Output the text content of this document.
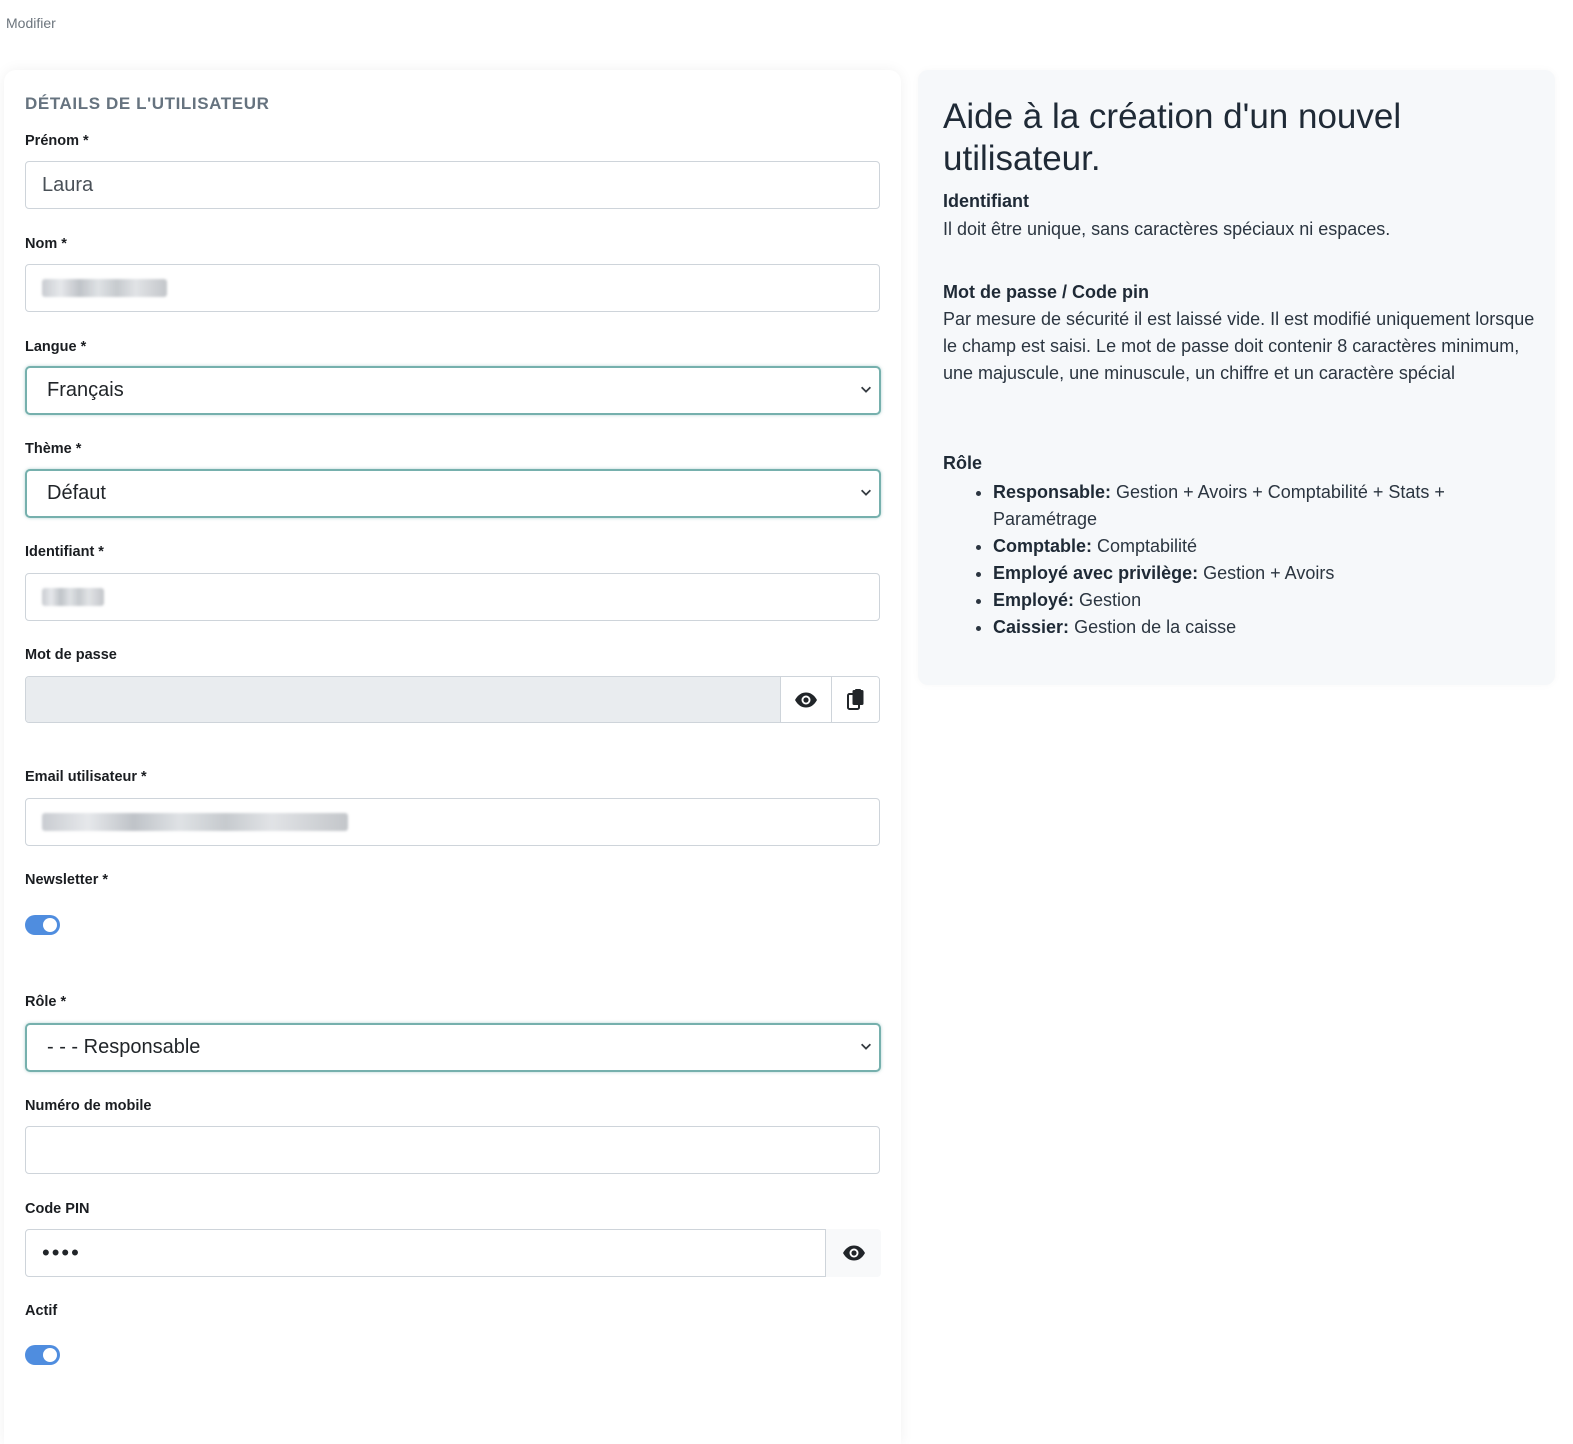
Modifier
DÉTAILS DE L'UTILISATEUR
Prénom *
Laura
Nom *
Langue *
Français
Thème *
Défaut
Identifiant *
Mot de passe
Email utilisateur *
Newsletter *
Rôle *
- - - Responsable
Numéro de mobile
Code PIN
••••
Actif
Aide à la création d'un nouvel utilisateur.
Identifiant

Il doit être unique, sans caractères spéciaux ni espaces.

Mot de passe / Code pin

Par mesure de sécurité il est laissé vide. Il est modifié uniquement lorsque le champ est saisi. Le mot de passe doit contenir 8 caractères minimum, une majuscule, une minuscule, un chiffre et un caractère spécial

Rôle
• Responsable: Gestion + Avoirs + Comptabilité + Stats + Paramétrage
• Comptable: Comptabilité
• Employé avec privilège: Gestion + Avoirs
• Employé: Gestion
• Caissier: Gestion de la caisse
